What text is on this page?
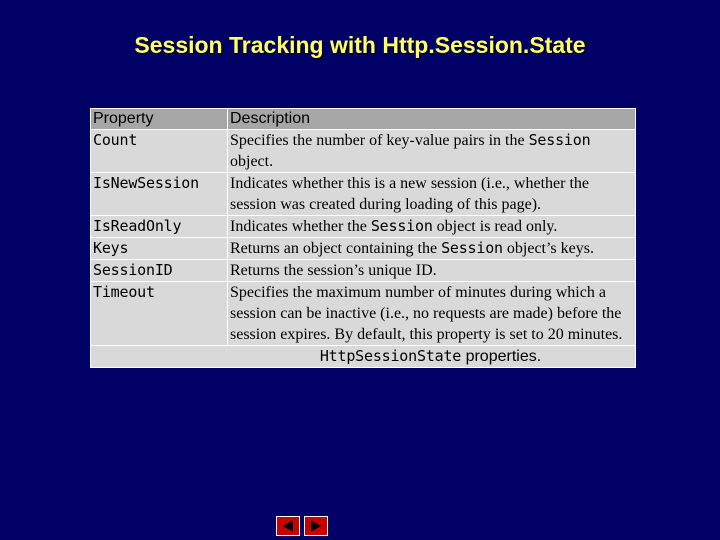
Session Tracking with Http.Session.State
Property	Description
Count	Specifies the number of key-value pairs in the Session object.
IsNewSession	Indicates whether this is a new session (i.e., whether the session was created during loading of this page).
IsReadOnly	Indicates whether the Session object is read only.
Keys	Returns an object containing the Session object’s keys.
SessionID	Returns the session’s unique ID.
Timeout	Specifies the maximum number of minutes during which a session can be inactive (i.e., no requests are made) before the session expires. By default, this property is set to 20 minutes.
HttpSessionState properties.	
